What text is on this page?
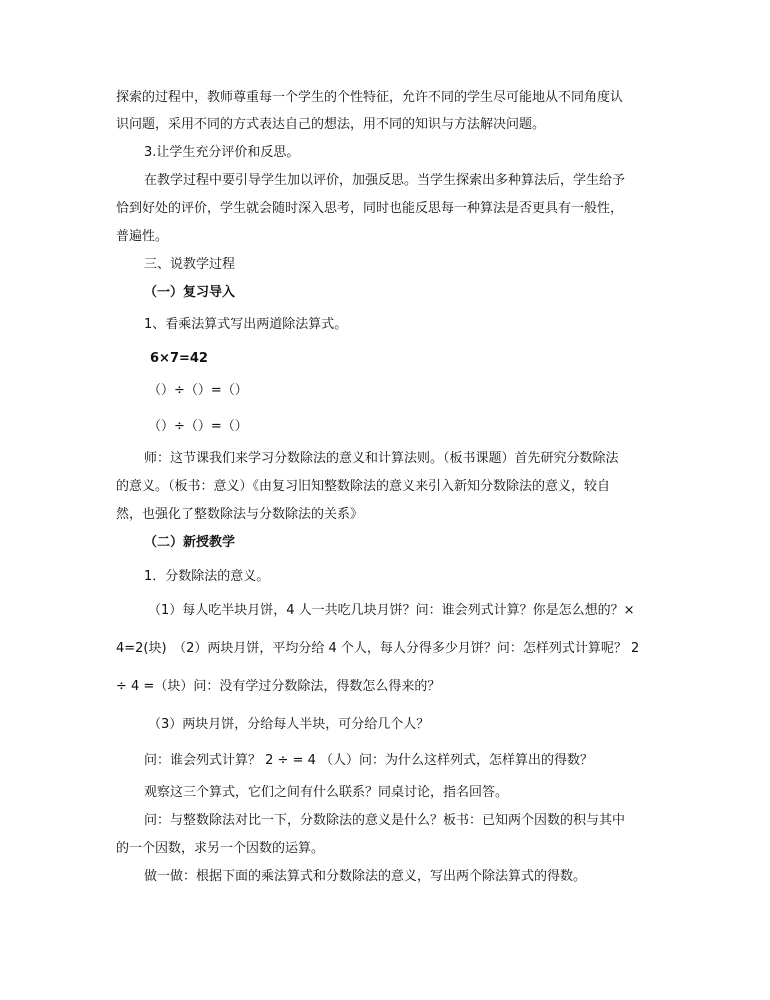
探索的过程中，教师尊重每一个学生的个性特征，允许不同的学生尽可能地从不同角度认

识问题，采用不同的方式表达自己的想法，用不同的知识与方法解决问题。

3.让学生充分评价和反思。

在教学过程中要引导学生加以评价，加强反思。当学生探索出多种算法后，学生给予

恰到好处的评价，学生就会随时深入思考，同时也能反思每一种算法是否更具有一般性，

普遍性。

三、说教学过程

（一）复习导入

1、看乘法算式写出两道除法算式。

6×7=42

（）÷（）=（）

（）÷（）=（）

师：这节课我们来学习分数除法的意义和计算法则。（板书课题）首先研究分数除法

的意义。（板书：意义）《由复习旧知整数除法的意义来引入新知分数除法的意义，较自

然，也强化了整数除法与分数除法的关系》

（二）新授教学

1．分数除法的意义。

（1）每人吃半块月饼，4 人一共吃几块月饼？问：谁会列式计算？你是怎么想的？×

4=2(块)　（2）两块月饼，平均分给 4 个人，每人分得多少月饼？问：怎样列式计算呢？ 2

÷ 4 =（块）问：没有学过分数除法，得数怎么得来的？

（3）两块月饼，分给每人半块，可分给几个人？

问：谁会列式计算？ 2 ÷ = 4 （人）问：为什么这样列式，怎样算出的得数？

观察这三个算式，它们之间有什么联系？同桌讨论，指名回答。

问：与整数除法对比一下，分数除法的意义是什么？板书：已知两个因数的积与其中

的一个因数，求另一个因数的运算。

做一做：根据下面的乘法算式和分数除法的意义，写出两个除法算式的得数。
